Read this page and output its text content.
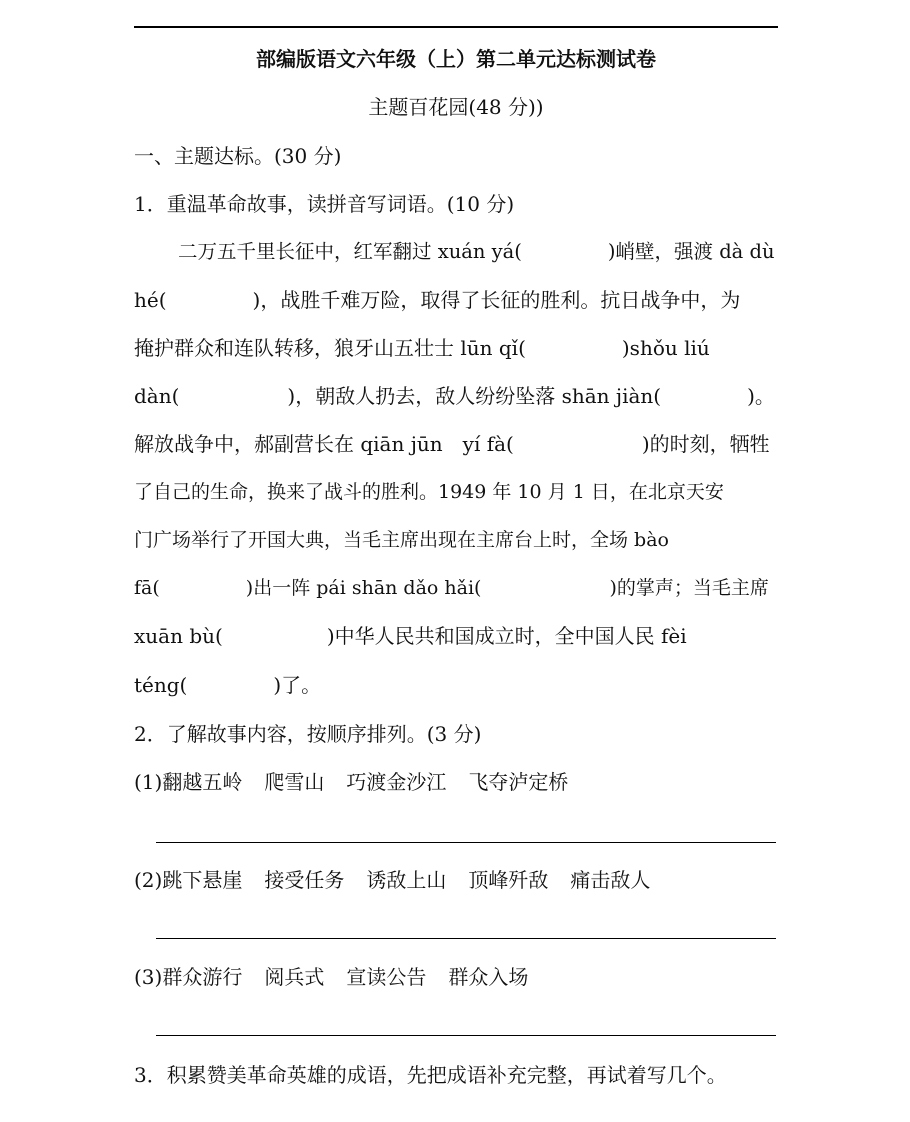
部编版语文六年级（上）第二单元达标测试卷
主题百花园(48 分))
一、主题达标。(30 分)
1．重温革命故事，读拼音写词语。(10 分)
二万五千里长征中，红军翻过 xuán yá(	)峭壁，强渡 dà dù
hé(	)，战胜千难万险，取得了长征的胜利。抗日战争中，为
掩护群众和连队转移，狼牙山五壮士 lūn qǐ(	)shǒu liú
dàn(	)，朝敌人扔去，敌人纷纷坠落 shān jiàn(	)。
解放战争中，郝副营长在 qiān jūn　yí fà(	)的时刻，牺牲
了自己的生命，换来了战斗的胜利。1949 年 10 月 1 日，在北京天安
门广场举行了开国大典，当毛主席出现在主席台上时，全场 bào
fā(	)出一阵 pái shān dǎo hǎi(	)的掌声；当毛主席
xuān bù(	)中华人民共和国成立时，全中国人民 fèi
téng(	)了。
2．了解故事内容，按顺序排列。(3 分)
(1)翻越五岭 爬雪山 巧渡金沙江 飞夺泸定桥
(2)跳下悬崖 接受任务 诱敌上山 顶峰歼敌 痛击敌人
(3)群众游行 阅兵式 宣读公告 群众入场
3．积累赞美革命英雄的成语，先把成语补充完整，再试着写几个。
